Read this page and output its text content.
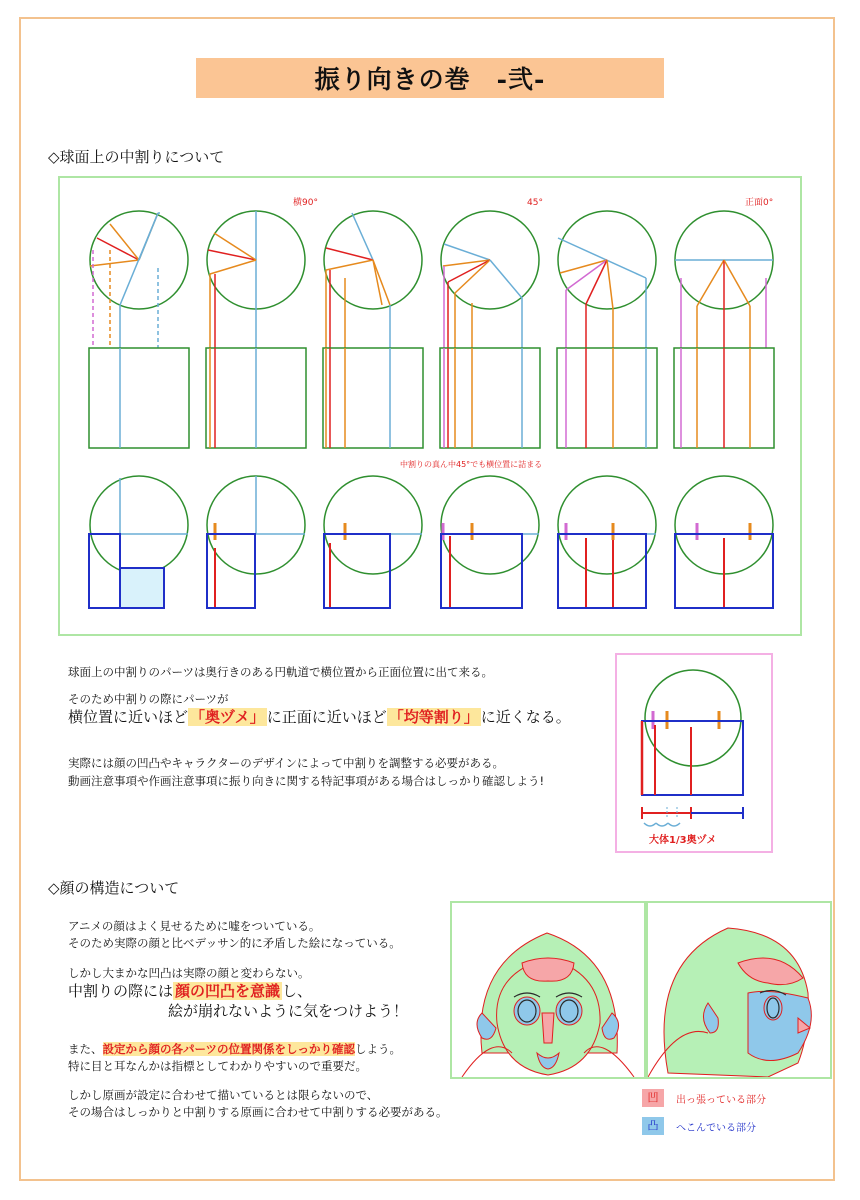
振り向きの巻　-弐-
◇球面上の中割りについて
横90°	45°	正面0°
中割りの真ん中45°でも横位置に詰まる
球面上の中割りのパーツは奥行きのある円軌道で横位置から正面位置に出て来る。
そのため中割りの際にパーツが
横位置に近いほど 「奥ヅメ」 に正面に近いほど 「均等割り」 に近くなる。
実際には顔の凹凸やキャラクターのデザインによって中割りを調整する必要がある。
動画注意事項や作画注意事項に振り向きに関する特記事項がある場合はしっかり確認しよう!
大体1/3奥ヅメ
◇顔の構造について
アニメの顔はよく見せるために嘘をついている。
そのため実際の顔と比べデッサン的に矛盾した絵になっている。
しかし大まかな凹凸は実際の顔と変わらない。
中割りの際には 顔の凹凸を意識 し、
絵が崩れないように気をつけよう！
また、設定から顔の各パーツの位置関係をしっかり確認しよう。
特に目と耳なんかは指標としてわかりやすいので重要だ。
しかし原画が設定に合わせて描いているとは限らないので、
その場合はしっかりと中割りする原画に合わせて中割りする必要がある。
凹	出っ張っている部分
凸	へこんでいる部分
